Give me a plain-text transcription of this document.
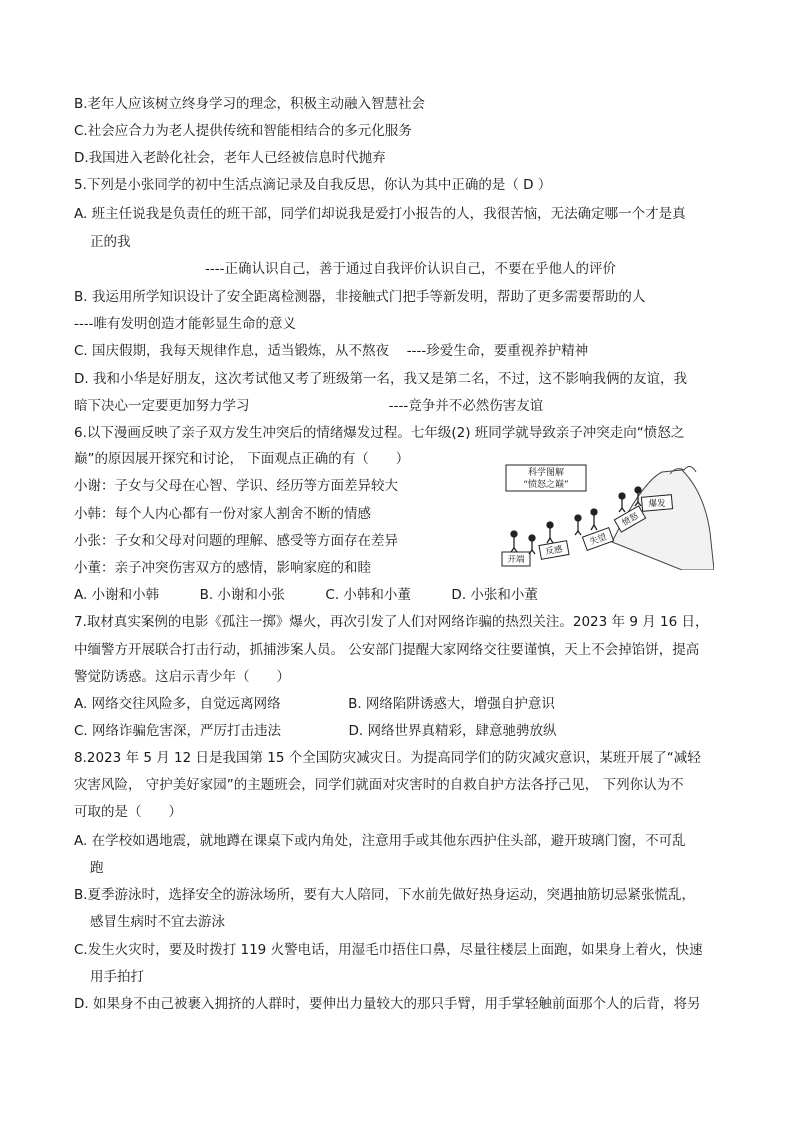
B.老年人应该树立终身学习的理念，积极主动融入智慧社会
C.社会应合力为老人提供传统和智能相结合的多元化服务
D.我国进入老龄化社会，老年人已经被信息时代抛弃
5.下列是小张同学的初中生活点滴记录及自我反思，你认为其中正确的是（ D ）
A. 班主任说我是负责任的班干部，同学们却说我是爱打小报告的人，我很苦恼，无法确定哪一个才是真
正的我
----正确认识自己，善于通过自我评价认识自己，不要在乎他人的评价
B. 我运用所学知识设计了安全距离检测器，非接触式门把手等新发明，帮助了更多需要帮助的人
----唯有发明创造才能彰显生命的意义
C. 国庆假期，我每天规律作息，适当锻炼，从不熬夜　 ----珍爱生命，要重视养护精神
D. 我和小华是好朋友，这次考试他又考了班级第一名，我又是第二名，不过，这不影响我俩的友谊，我
暗下决心一定要更加努力学习　　　　　　　　　　 ----竞争并不必然伤害友谊
6.以下漫画反映了亲子双方发生冲突后的情绪爆发过程。七年级(2) 班同学就导致亲子冲突走向“愤怒之
巅”的原因展开探究和讨论， 下面观点正确的有（　　）
小谢：子女与父母在心智、学识、经历等方面差异较大
小韩：每个人内心都有一份对家人割舍不断的情感
小张：子女和父母对问题的理解、感受等方面存在差异
小董：亲子冲突伤害双方的感情，影响家庭的和睦
A. 小谢和小韩　　　B. 小谢和小张　　　C. 小韩和小董　　　D. 小张和小董
科学图解
“愤怒之巅”
开端
反感
失望
愤怒
爆发
7.取材真实案例的电影《孤注一掷》爆火，再次引发了人们对网络诈骗的热烈关注。2023 年 9 月 16 日，
中缅警方开展联合打击行动，抓捕涉案人员。 公安部门提醒大家网络交往要谨慎，天上不会掉馅饼，提高
警觉防诱惑。这启示青少年（　　）
A. 网络交往风险多，自觉远离网络　　　　　B. 网络陷阱诱惑大，增强自护意识
C. 网络诈骗危害深，严厉打击违法　　　　　D. 网络世界真精彩，肆意驰骋放纵
8.2023 年 5 月 12 日是我国第 15 个全国防灾减灾日。为提高同学们的防灾减灾意识，某班开展了“减轻
灾害风险， 守护美好家园”的主题班会，同学们就面对灾害时的自救自护方法各抒己见， 下列你认为不
可取的是（　　）
A. 在学校如遇地震，就地蹲在课桌下或内角处，注意用手或其他东西护住头部，避开玻璃门窗，不可乱
跑
B.夏季游泳时，选择安全的游泳场所，要有大人陪同，下水前先做好热身运动，突遇抽筋切忌紧张慌乱，
感冒生病时不宜去游泳
C.发生火灾时，要及时拨打 119 火警电话，用湿毛巾捂住口鼻，尽量往楼层上面跑，如果身上着火，快速
用手拍打
D. 如果身不由己被裹入拥挤的人群时，要伸出力量较大的那只手臂，用手掌轻触前面那个人的后背，将另
